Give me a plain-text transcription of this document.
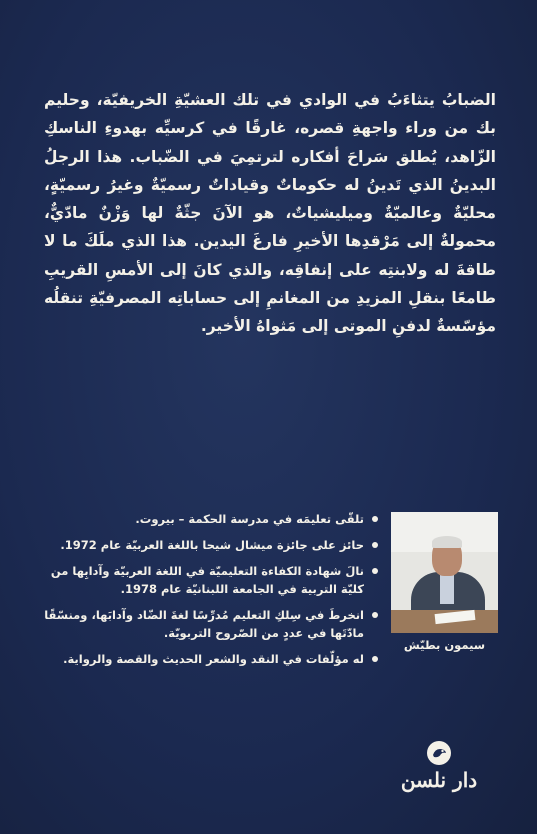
الضبابُ يتثاءَبُ في الوادي في تلك العشيّةِ الخريفيّة، وحليم بك من وراء واجهةِ قصره، غارقًا في كرسيِّه بهدوءِ الناسكِ الزّاهد، يُطلق سَراحَ أفكاره لترتمِيَ في الضّباب. هذا الرجلُ البدينُ الذي تَدينُ له حكوماتٌ وقياداتٌ رسميّةٌ وغيرُ رسميّةٍ، محليّةٌ وعالميّةٌ وميليشياتٌ، هو الآنَ جثّةٌ لها وَزْنٌ مادّيٌّ، محمولةٌ إلى مَرْقدِها الأخيرِ فارغَ اليدين. هذا الذي ملَكَ ما لا طاقةَ له ولابنتِه على إنفاقِه، والذي كانَ إلى الأمسِ القريبِ طامعًا بنقلِ المزيدِ من المغانمِ إلى حساباتِه المصرفيّةِ تنقلُه مؤسّسةٌ لدفنِ الموتى إلى مَثواهُ الأخير.

سيمون بطيّش
تلقّى تعليمَه في مدرسة الحكمة – بيروت.
حائز على جائزة ميشال شيحا باللغة العربيّة عام 1972.
نالَ شهادة الكفاءة التعليميّة في اللغة العربيّة وآدابِها من كليّة التربية في الجامعة اللبنانيّة عام 1978.
انخرطَ في سِلكِ التعليم مُدرِّسًا لغةَ الضّاد وآدابَها، ومنسّقًا مادّتَها في عددٍ من الصّروح التربويّة.
له مؤلّفات في النقد والشعر الحديث والقصة والرواية.
دار نلسن
